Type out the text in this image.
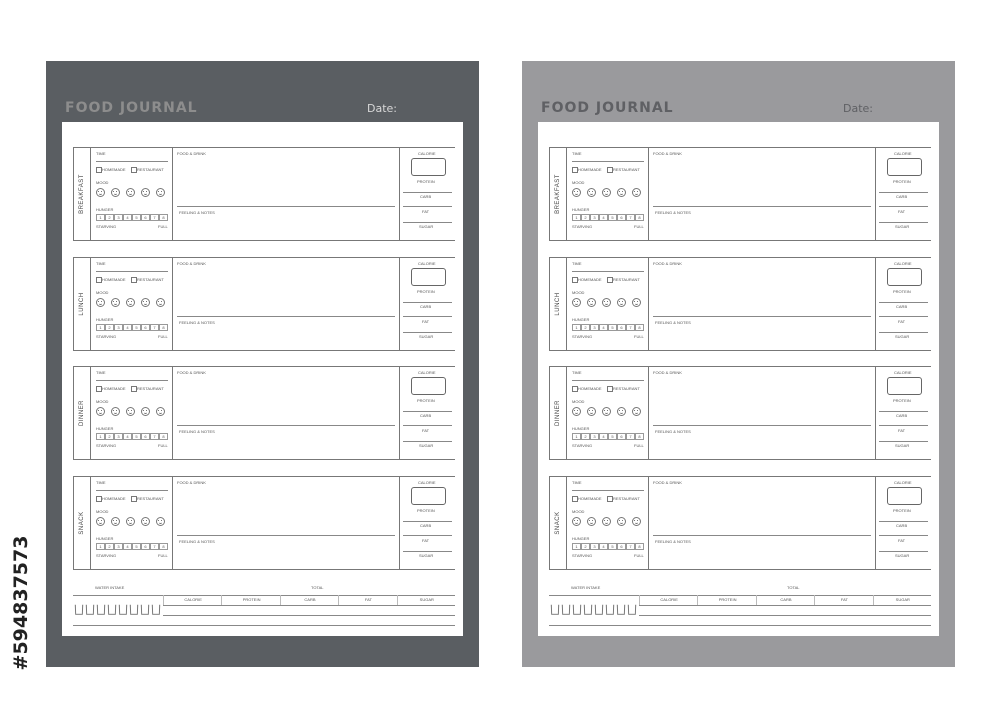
#594837573
FOOD JOURNAL	Date:
BREAKFAST
TIME
HOMEMADE	RESTAURANT
MOOD
HUNGER
1	2	3	4	5	6	7	8
STARVING	FULL
FOOD & DRINK
FEELING & NOTES
CALORIE
PROTEIN
CARB
FAT
SUGAR
LUNCH
TIME
HOMEMADE	RESTAURANT
MOOD
HUNGER
1	2	3	4	5	6	7	8
STARVING	FULL
FOOD & DRINK
FEELING & NOTES
CALORIE
PROTEIN
CARB
FAT
SUGAR
DINNER
TIME
HOMEMADE	RESTAURANT
MOOD
HUNGER
1	2	3	4	5	6	7	8
STARVING	FULL
FOOD & DRINK
FEELING & NOTES
CALORIE
PROTEIN
CARB
FAT
SUGAR
SNACK
TIME
HOMEMADE	RESTAURANT
MOOD
HUNGER
1	2	3	4	5	6	7	8
STARVING	FULL
FOOD & DRINK
FEELING & NOTES
CALORIE
PROTEIN
CARB
FAT
SUGAR
WATER INTAKE	TOTAL
CALORIE	PROTEIN	CARB	FAT	SUGAR
FOOD JOURNAL	Date:
BREAKFAST
TIME
HOMEMADE	RESTAURANT
MOOD
HUNGER
1	2	3	4	5	6	7	8
STARVING	FULL
FOOD & DRINK
FEELING & NOTES
CALORIE
PROTEIN
CARB
FAT
SUGAR
LUNCH
TIME
HOMEMADE	RESTAURANT
MOOD
HUNGER
1	2	3	4	5	6	7	8
STARVING	FULL
FOOD & DRINK
FEELING & NOTES
CALORIE
PROTEIN
CARB
FAT
SUGAR
DINNER
TIME
HOMEMADE	RESTAURANT
MOOD
HUNGER
1	2	3	4	5	6	7	8
STARVING	FULL
FOOD & DRINK
FEELING & NOTES
CALORIE
PROTEIN
CARB
FAT
SUGAR
SNACK
TIME
HOMEMADE	RESTAURANT
MOOD
HUNGER
1	2	3	4	5	6	7	8
STARVING	FULL
FOOD & DRINK
FEELING & NOTES
CALORIE
PROTEIN
CARB
FAT
SUGAR
WATER INTAKE	TOTAL
CALORIE	PROTEIN	CARB	FAT	SUGAR
